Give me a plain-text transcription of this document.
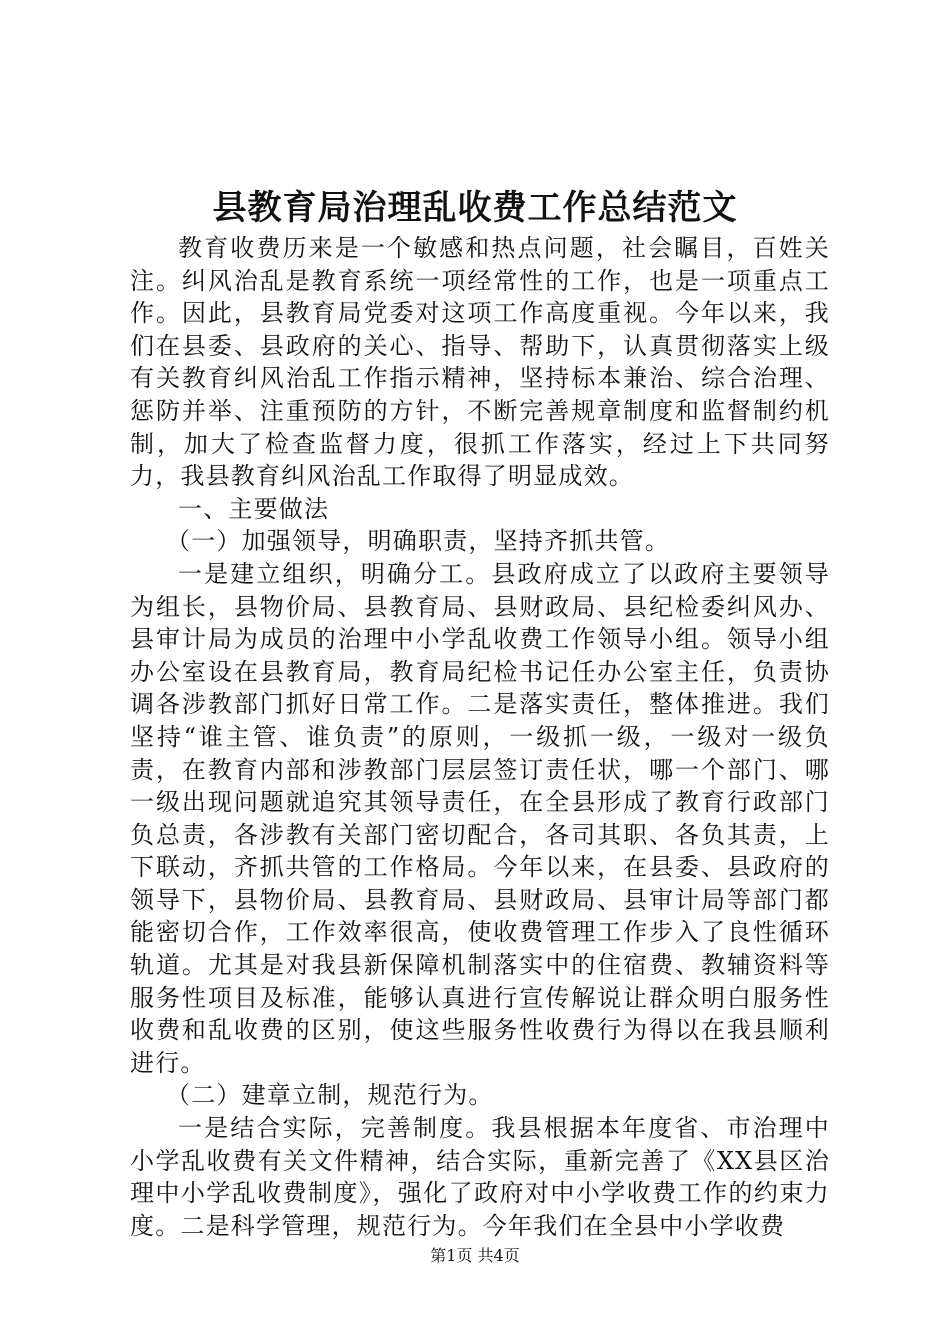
县教育局治理乱收费工作总结范文

教育收费历来是一个敏感和热点问题，社会瞩目，百姓关注。纠风治乱是教育系统一项经常性的工作，也是一项重点工作。因此，县教育局党委对这项工作高度重视。今年以来，我们在县委、县政府的关心、指导、帮助下，认真贯彻落实上级有关教育纠风治乱工作指示精神，坚持标本兼治、综合治理、惩防并举、注重预防的方针，不断完善规章制度和监督制约机制，加大了检查监督力度，很抓工作落实，经过上下共同努力，我县教育纠风治乱工作取得了明显成效。

一、主要做法

（一）加强领导，明确职责，坚持齐抓共管。

一是建立组织，明确分工。县政府成立了以政府主要领导为组长，县物价局、县教育局、县财政局、县纪检委纠风办、县审计局为成员的治理中小学乱收费工作领导小组。领导小组办公室设在县教育局，教育局纪检书记任办公室主任，负责协调各涉教部门抓好日常工作。二是落实责任，整体推进。我们坚持“谁主管、谁负责”的原则，一级抓一级，一级对一级负责，在教育内部和涉教部门层层签订责任状，哪一个部门、哪一级出现问题就追究其领导责任，在全县形成了教育行政部门负总责，各涉教有关部门密切配合，各司其职、各负其责，上下联动，齐抓共管的工作格局。今年以来，在县委、县政府的领导下，县物价局、县教育局、县财政局、县审计局等部门都能密切合作，工作效率很高，使收费管理工作步入了良性循环轨道。尤其是对我县新保障机制落实中的住宿费、教辅资料等服务性项目及标准，能够认真进行宣传解说让群众明白服务性收费和乱收费的区别，使这些服务性收费行为得以在我县顺利进行。

（二）建章立制，规范行为。

一是结合实际，完善制度。我县根据本年度省、市治理中小学乱收费有关文件精神，结合实际，重新完善了《XX县区治理中小学乱收费制度》，强化了政府对中小学收费工作的约束力度。二是科学管理，规范行为。今年我们在全县中小学收费

第1页 共4页
